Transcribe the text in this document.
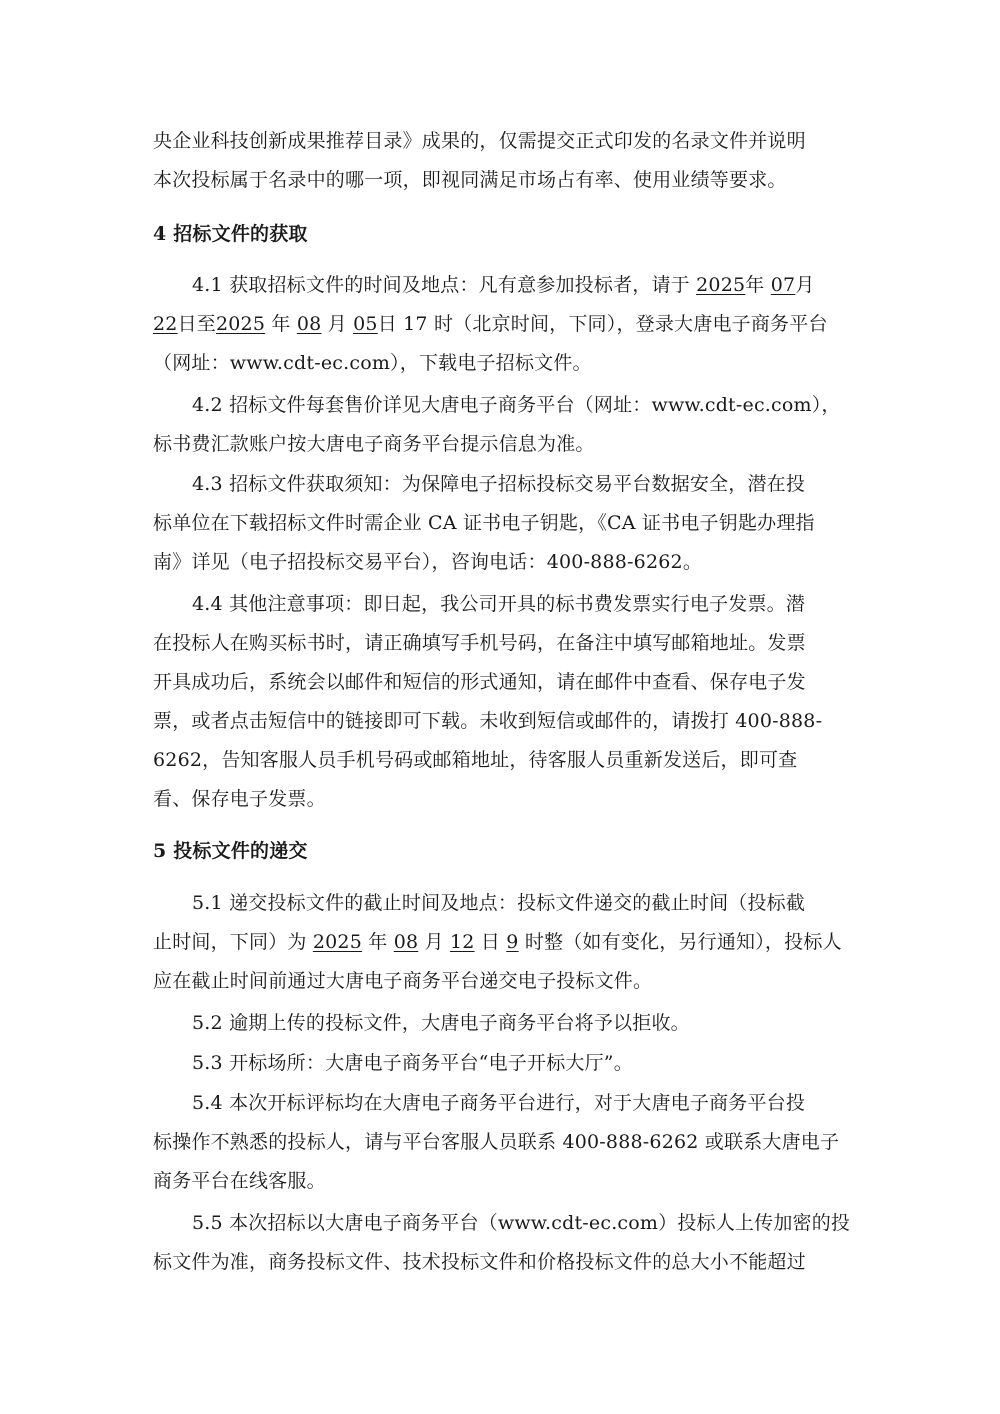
央企业科技创新成果推荐目录》成果的，仅需提交正式印发的名录文件并说明
本次投标属于名录中的哪一项，即视同满足市场占有率、使用业绩等要求。
4 招标文件的获取
4.1 获取招标文件的时间及地点：凡有意参加投标者，请于 2025年 07月
22日至2025 年 08 月 05日 17 时（北京时间，下同），登录大唐电子商务平台
（网址：www.cdt-ec.com），下载电子招标文件。
4.2 招标文件每套售价详见大唐电子商务平台（网址：www.cdt-ec.com），
标书费汇款账户按大唐电子商务平台提示信息为准。
4.3 招标文件获取须知：为保障电子招标投标交易平台数据安全，潜在投
标单位在下载招标文件时需企业 CA 证书电子钥匙，《CA 证书电子钥匙办理指
南》详见（电子招投标交易平台），咨询电话：400-888-6262。
4.4 其他注意事项：即日起，我公司开具的标书费发票实行电子发票。潜
在投标人在购买标书时，请正确填写手机号码，在备注中填写邮箱地址。发票
开具成功后，系统会以邮件和短信的形式通知，请在邮件中查看、保存电子发
票，或者点击短信中的链接即可下载。未收到短信或邮件的，请拨打 400-888-
6262，告知客服人员手机号码或邮箱地址，待客服人员重新发送后，即可查
看、保存电子发票。
5 投标文件的递交
5.1 递交投标文件的截止时间及地点：投标文件递交的截止时间（投标截
止时间，下同）为 2025 年 08 月 12 日 9 时整（如有变化，另行通知），投标人
应在截止时间前通过大唐电子商务平台递交电子投标文件。
5.2 逾期上传的投标文件，大唐电子商务平台将予以拒收。
5.3 开标场所：大唐电子商务平台“电子开标大厅”。
5.4 本次开标评标均在大唐电子商务平台进行，对于大唐电子商务平台投
标操作不熟悉的投标人，请与平台客服人员联系 400-888-6262 或联系大唐电子
商务平台在线客服。
5.5 本次招标以大唐电子商务平台（www.cdt-ec.com）投标人上传加密的投
标文件为准，商务投标文件、技术投标文件和价格投标文件的总大小不能超过
